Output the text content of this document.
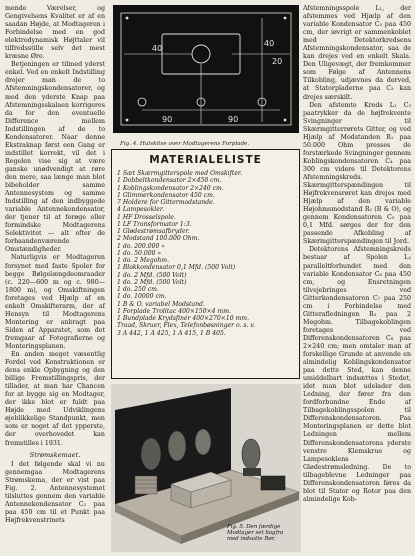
mende Værelser, og Gengivelsens Kvalitet er af en saadan Højde, at Modtageren i Forbindelse med en god elektrodynamisk Højttaler vil tilfredsstille selv det mest kræsne Øre.

Betjeningen er tilmed yderst enkel. Ved en enkelt Indstilling drejer man de to Afstemningskondensatorer, og med den yderste Knap paa Afstemningsskalaen korrigeres da for den eventuelle Difference mellem Indstillingen af de to Kondensatorer. Naar denne Ekstraknap først een Gang er indstillet korrekt, vil det i Regelen vise sig at være ganske unødvendigt at røre den mere, saa længe man blot bibeholder samme Antennesystem og samme Indstilling af den indbyggede variable Antennekondensator, der tjener til at forøge eller formindske Modtagerens Selektivitet — alt efter de forhaandenværende Omstændigheder.

Naturligvis er Modtageren forsynet med faste Spoler for begge Bølgelængdeomraader (c. 220—600 m og c. 980—1800 m), og Omskiftningen foretages ved Hjælp af en enkelt Omskifterarm, der af Hensyn til Modtagerens Montering er anbragt paa Siden af Apparatet, som det fremgaar af Fotografierne og Monteringsplanen.

En anden meget væsentlig Fordel ved Konstruktionen er dens enkle Opbygning og den billige Fremstillingspris, der tillader, at man har Chancen for at bygge sig en Modtager, der ikke blot er fuldt paa Højde med Udviklingens øjeblikkelige Standpunkt, men som er noget af det ypperste, der overhovedet kan fremstilles i 1931.

Strømskemaet.

I det følgende skal vi nu gennemgaa Modtagerens Strømskema, der er vist paa Fig. 2. Antennesystemet tilsluttes gennem den variable Antennekondensator C₂ paa paa 450 cm til et Punkt paa Højfrekvenstrinets

40
40
20
90	90
Fig. 4. Hulskitse over Modtagerens Forplade.
MATERIALELISTE
1 Sæt Skærmgitterspole med Omskifter.
1 Dobbeltkondensator 2×450 cm.
1 Koblingskondensator 2×240 cm.
1 Glimmerkondensator 450 cm.
7 Holdere for Gittermodstande.
4 Lampesokler.
1 HF Drosselspole.
1 LF Transformator 1:3.
1 Glødestrømsafbryder.
2 Modstand 100.000 Ohm.
1 do. 200.000 »
1 do. 50.000 »
1 do. 2 Megohm.
1 Blokkondensator 0,1 Mfd. (500 Volt)
1 do. 2 Mfd. (500 Volt)
1 do. 2 Mfd. (500 Volt)
1 do. 250 cm.
1 do. 10000 cm.
1 B & O. variabel Modstand.
1 Forplade Trolitac 400×150×4 mm.
1 Bundplade Krydsfinér 400×270×10 mm.
Traad, Skruer, Flex, Telefonbøsninger o. s. v.
3 A 442, 1 A 425, 1 A 415, 1 B 405.
Fig. 5. Den færdige Modtager set bagfra med indsatte Rør.

Afstemningsspole L₁, der afstemmes ved Hjælp af den variable Kondensator C₃ paa 450 cm, der iøvrigt er sammenkoblet med Detektorkredsens Afstemningskondensator, saa de kan drejes ved en enkelt Skala. Den Uligevægt, der fremkommer som Følge af Antennens Tilkobling, udjævnes da derved, at Statorpladerne paa C₃ kan drejes særskilt.

Den afstemte Kreds L₁ C₃ paatrykker da de højfrekvente Svingninger til Skærmgitterrørets Gitter, og ved Hjælp af Modstanden R₁ paa 50.000 Ohm presses de forstærkede Svingninger gennem Koblingskondensatoren C₄ paa 300 cm videre til Detektorens Afstemningskreds. Skærmgitterspændingen til Højfrekvensrøret kan drejes med Hjælp af den variable Højohmsmodstand R₂ (B & O), og gennem Kondensatoren C₅ paa 0,1 Mfd. sørges der for den passende Afkobling af Skærmgitterspændingen til Jord.

Detektorens Afstemningskreds bestaar af Spolen L₂ paralleltforbundet med den variable Kondensator C₆ paa 450 cm, og Ensretningen tilvejebringes ved Gitterkondensatoren C₇ paa 250 cm i Forbindelse med Gitterafledningen R₃ paa 2 Megohm. Tilbagekoblingen foretages ved Differenskondensatoren C₈ paa 2×240 cm; men omtaler man af forskellige Grunde at anvende en almindelig Koblingskondensator paa dette Sted, kan denne umiddelbart indsættes i Stedet, idet man blot udelader den Ledning, der fører fra den fordforbundne Ende af Tilbagekoblingsspolen til Differenskondensatoren. Paa Monteringsplanen er dette blot Ledningen mellem Differenskondensatorens yderste venstre Klemskrue og Lampesoklens Glødestrømsledning. De to tilbageblevne Ledninger paa Differenskondensatoren føres da blot til Stator og Rotor paa den almindelige Kob-
